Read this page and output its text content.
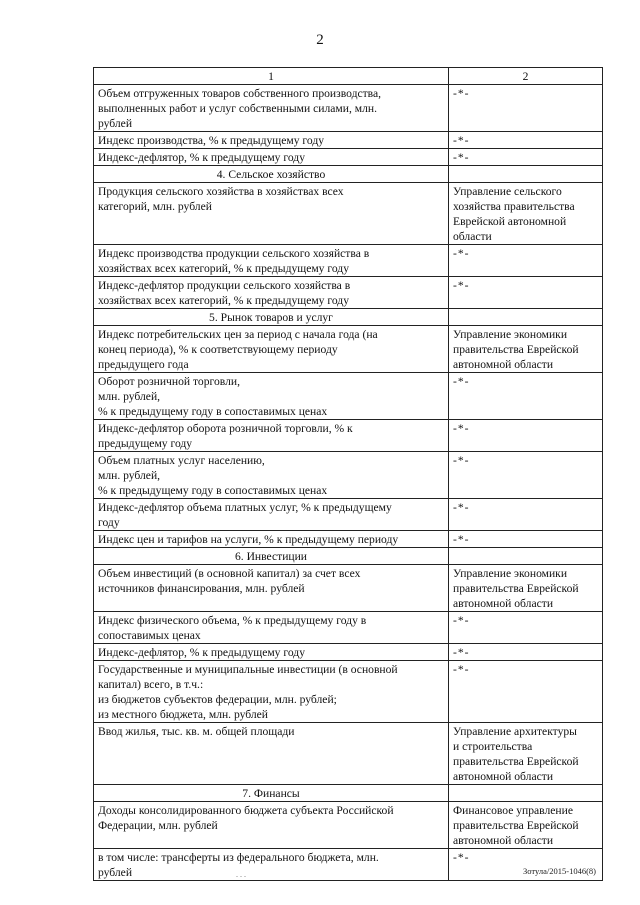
2
1	2

Объем отгруженных товаров собственного производства,
выполненных работ и услуг собственными силами, млн.
рублей	-*-

Индекс производства, % к предыдущему году	-*-

Индекс-дефлятор, % к предыдущему году	-*-

4. Сельское хозяйство	

Продукция сельского хозяйства в хозяйствах всех
категорий, млн. рублей	Управление сельского
хозяйства правительства
Еврейской автономной
области

Индекс производства продукции сельского хозяйства в
хозяйствах всех категорий, % к предыдущему году	-*-

Индекс-дефлятор продукции сельского хозяйства в
хозяйствах всех категорий, % к предыдущему году	-*-

5. Рынок товаров и услуг	

Индекс потребительских цен за период с начала года (на
конец периода), % к соответствующему периоду
предыдущего года	Управление экономики
правительства Еврейской
автономной области

Оборот розничной торговли,
млн. рублей,
% к предыдущему году в сопоставимых ценах	-*-

Индекс-дефлятор оборота розничной торговли, % к
предыдущему году	-*-

Объем платных услуг населению,
млн. рублей,
% к предыдущему году в сопоставимых ценах	-*-

Индекс-дефлятор объема платных услуг, % к предыдущему
году	-*-

Индекс цен и тарифов на услуги, % к предыдущему периоду	-*-

6. Инвестиции	

Объем инвестиций (в основной капитал) за счет всех
источников финансирования, млн. рублей	Управление экономики
правительства Еврейской
автономной области

Индекс физического объема, % к предыдущему году в
сопоставимых ценах	-*-

Индекс-дефлятор, % к предыдущему году	-*-

Государственные и муниципальные инвестиции (в основной
капитал) всего, в т.ч.:
из бюджетов субъектов федерации, млн. рублей;
из местного бюджета, млн. рублей	-*-

Ввод жилья, тыс. кв. м. общей площади	Управление архитектуры
и строительства
правительства Еврейской
автономной области

7. Финансы	

Доходы консолидированного бюджета субъекта Российской
Федерации, млн. рублей	Финансовое управление
правительства Еврейской
автономной области

в том числе: трансферты из федерального бюджета, млн.
рублей	-*-
. . .	Зотула/2015-1046(8)
